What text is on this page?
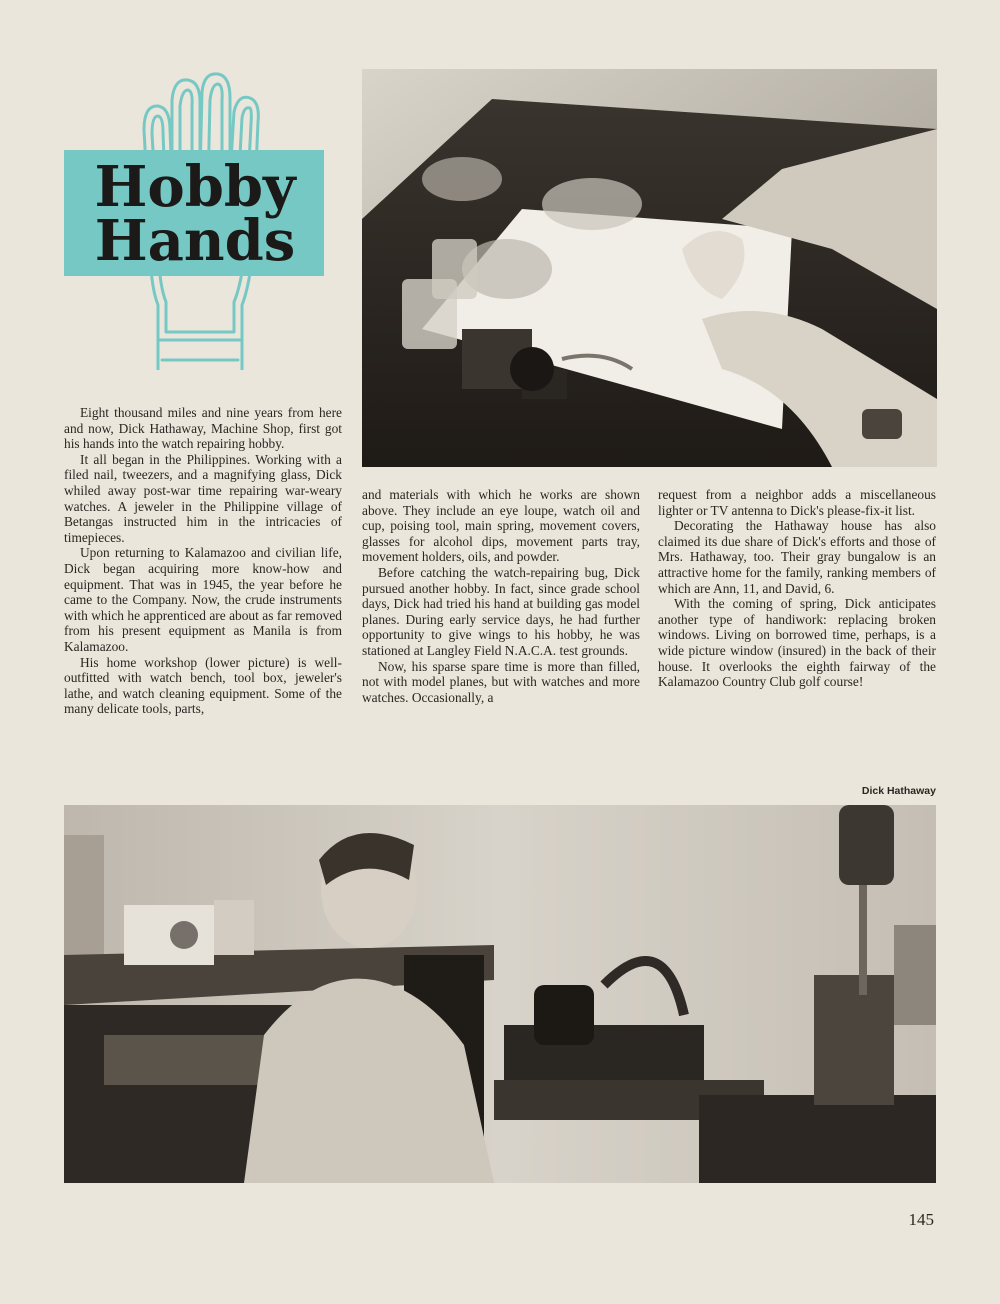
Hobby
Hands

Eight thousand miles and nine years from here and now, Dick Hathaway, Machine Shop, first got his hands into the watch repairing hobby.

It all began in the Philippines. Working with a filed nail, tweezers, and a magnifying glass, Dick whiled away post-war time repairing war-weary watches. A jeweler in the Philippine village of Betangas instructed him in the intricacies of timepieces.

Upon returning to Kalamazoo and civilian life, Dick began acquiring more know-how and equipment. That was in 1945, the year before he came to the Company. Now, the crude instruments with which he apprenticed are about as far removed from his present equipment as Manila is from Kalamazoo.

His home workshop (lower picture) is well-outfitted with watch bench, tool box, jeweler's lathe, and watch cleaning equipment. Some of the many delicate tools, parts,

and materials with which he works are shown above. They include an eye loupe, watch oil and cup, poising tool, main spring, movement covers, glasses for alcohol dips, movement parts tray, movement holders, oils, and powder.

Before catching the watch-repairing bug, Dick pursued another hobby. In fact, since grade school days, Dick had tried his hand at building gas model planes. During early service days, he had further opportunity to give wings to his hobby, he was stationed at Langley Field N.A.C.A. test grounds.

Now, his sparse spare time is more than filled, not with model planes, but with watches and more watches. Occasionally, a

request from a neighbor adds a miscellaneous lighter or TV antenna to Dick's please-fix-it list.

Decorating the Hathaway house has also claimed its due share of Dick's efforts and those of Mrs. Hathaway, too. Their gray bungalow is an attractive home for the family, ranking members of which are Ann, 11, and David, 6.

With the coming of spring, Dick anticipates another type of handiwork: replacing broken windows. Living on borrowed time, perhaps, is a wide picture window (insured) in the back of their house. It overlooks the eighth fairway of the Kalamazoo Country Club golf course!

Dick Hathaway
145
